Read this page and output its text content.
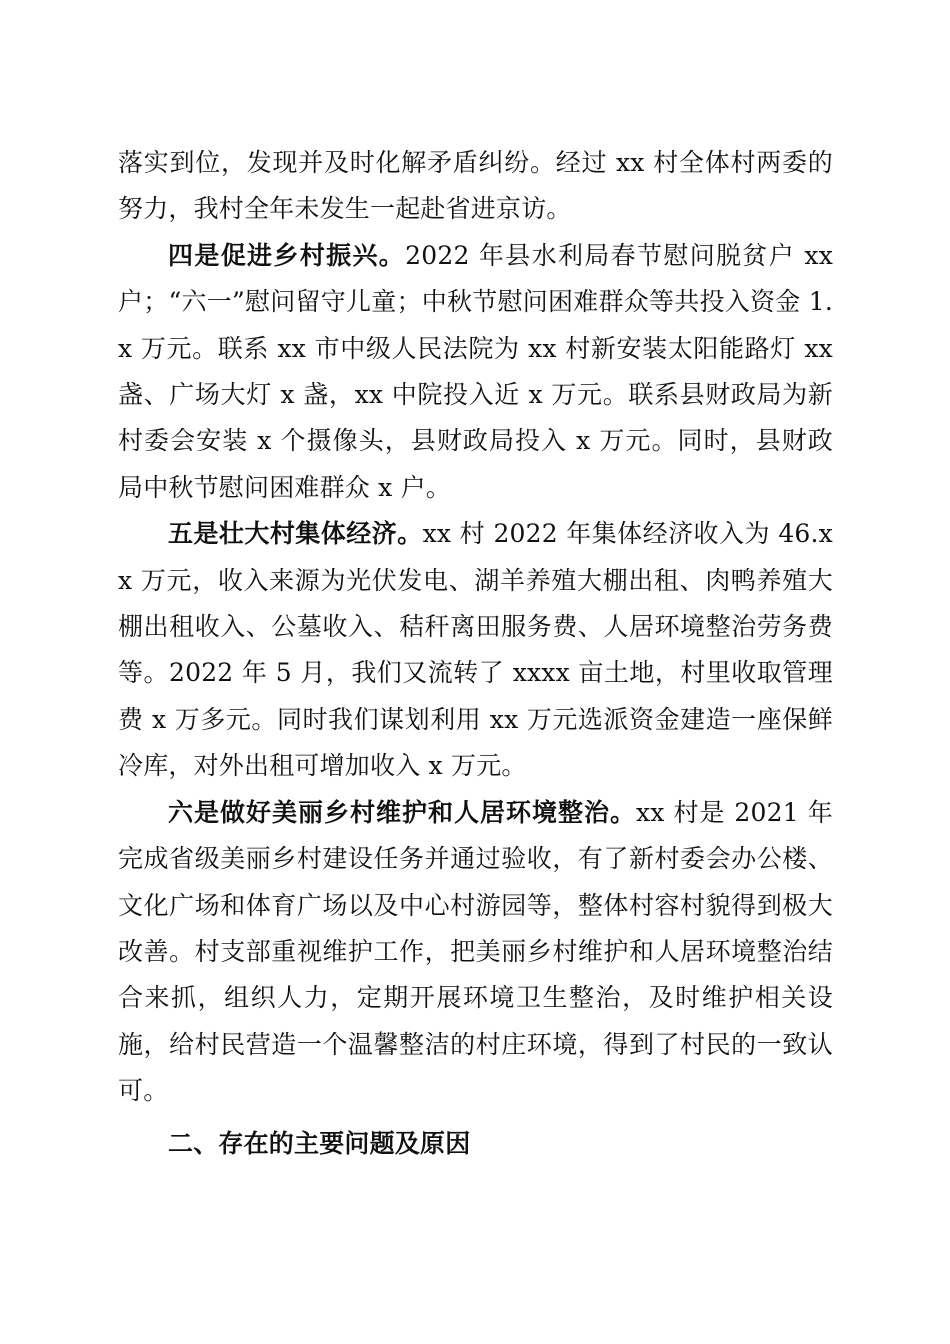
落实到位，发现并及时化解矛盾纠纷。经过 xx 村全体村两委的努力，我村全年未发生一起赴省进京访。

四是促进乡村振兴。2022 年县水利局春节慰问脱贫户 xx 户；“六一”慰问留守儿童；中秋节慰问困难群众等共投入资金 1.x 万元。联系 xx 市中级人民法院为 xx 村新安装太阳能路灯 xx 盏、广场大灯 x 盏，xx 中院投入近 x 万元。联系县财政局为新村委会安装 x 个摄像头，县财政局投入 x 万元。同时，县财政局中秋节慰问困难群众 x 户。

五是壮大村集体经济。xx 村 2022 年集体经济收入为 46.xx 万元，收入来源为光伏发电、湖羊养殖大棚出租、肉鸭养殖大棚出租收入、公墓收入、秸秆离田服务费、人居环境整治劳务费等。2022 年 5 月，我们又流转了 xxxx 亩土地，村里收取管理费 x 万多元。同时我们谋划利用 xx 万元选派资金建造一座保鲜冷库，对外出租可增加收入 x 万元。

六是做好美丽乡村维护和人居环境整治。xx 村是 2021 年完成省级美丽乡村建设任务并通过验收，有了新村委会办公楼、文化广场和体育广场以及中心村游园等，整体村容村貌得到极大改善。村支部重视维护工作，把美丽乡村维护和人居环境整治结合来抓，组织人力，定期开展环境卫生整治，及时维护相关设施，给村民营造一个温馨整洁的村庄环境，得到了村民的一致认可。

二、存在的主要问题及原因
